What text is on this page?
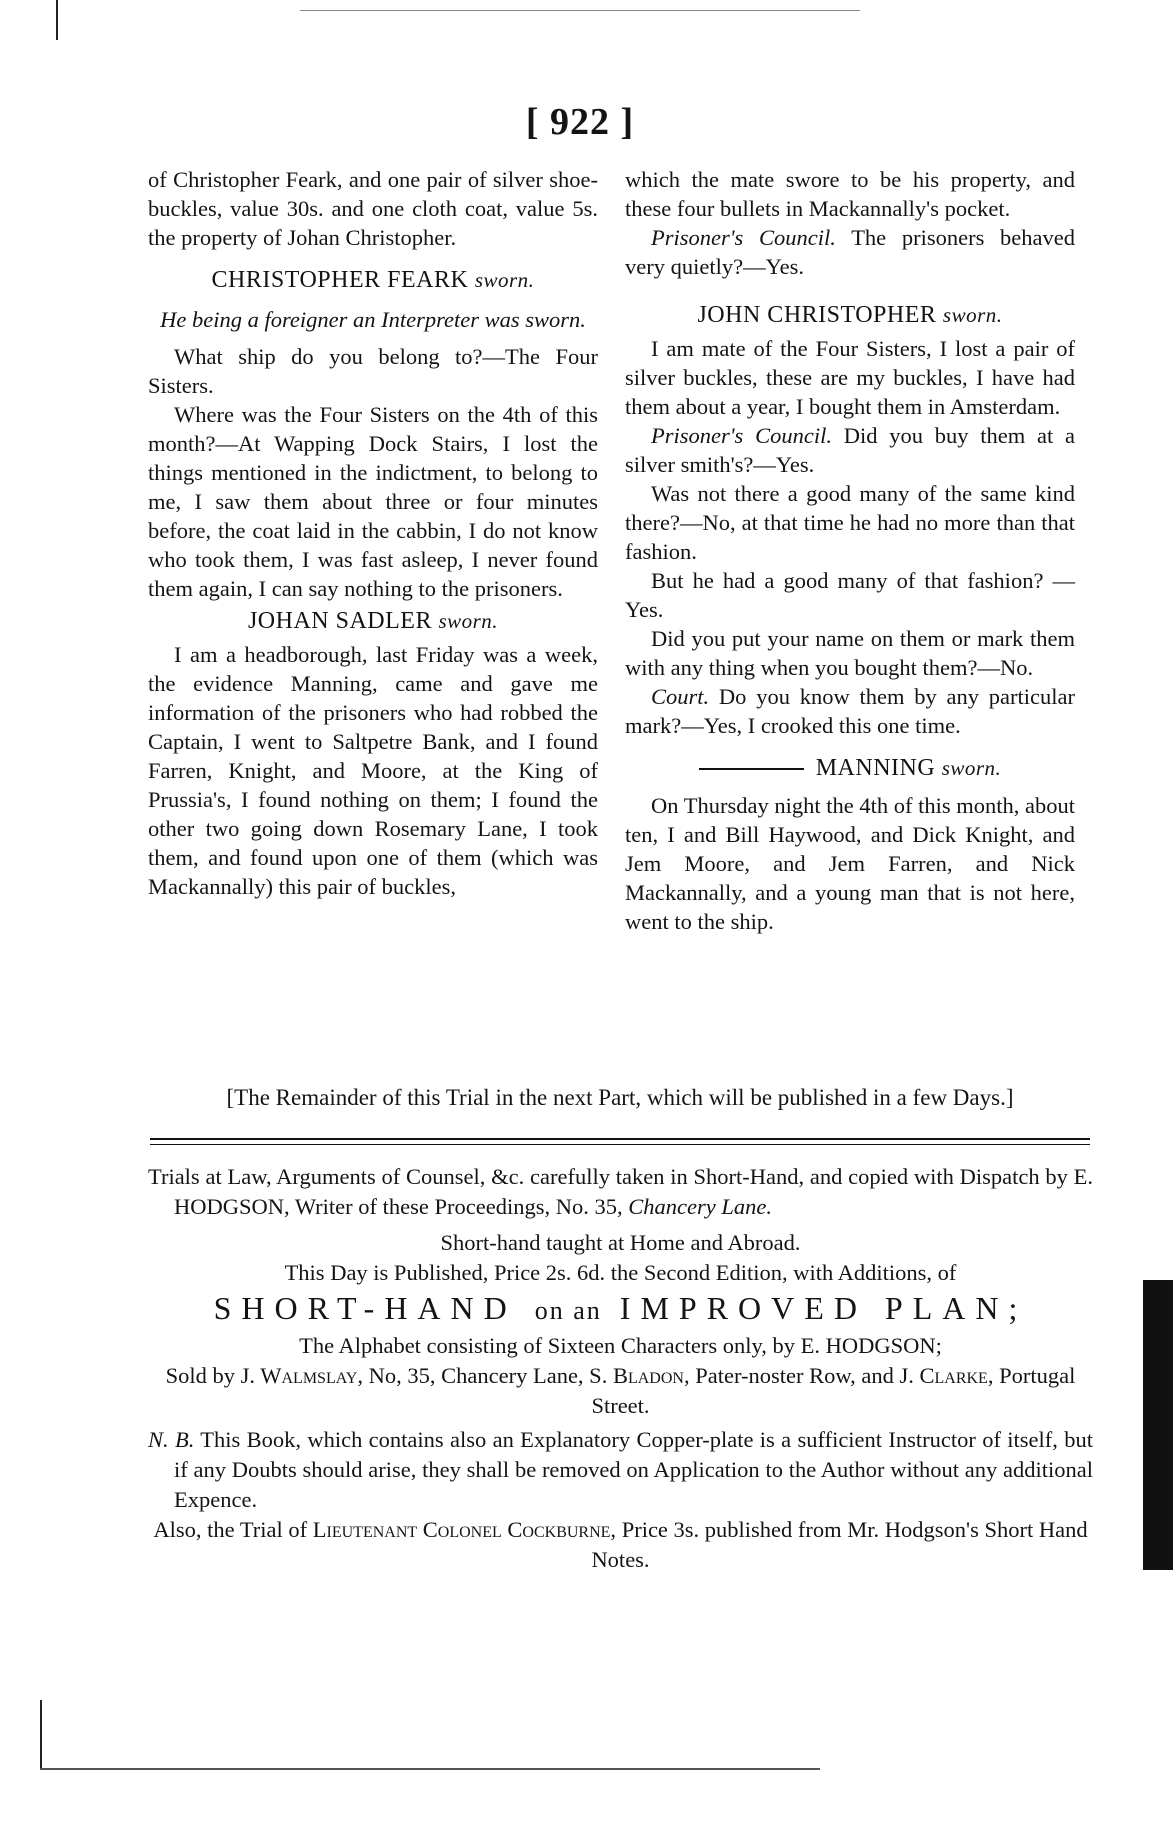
[ 922 ]

of Christopher Feark, and one pair of silver shoe-buckles, value 30s. and one cloth coat, value 5s. the property of Johan Christopher.

CHRISTOPHER FEARK sworn.

He being a foreigner an Interpreter was sworn.

What ship do you belong to?—The Four Sisters.

Where was the Four Sisters on the 4th of this month?—At Wapping Dock Stairs, I lost the things mentioned in the indictment, to belong to me, I saw them about three or four minutes before, the coat laid in the cabbin, I do not know who took them, I was fast asleep, I never found them again, I can say nothing to the prisoners.

JOHAN SADLER sworn.

I am a headborough, last Friday was a week, the evidence Manning, came and gave me information of the prisoners who had robbed the Captain, I went to Saltpetre Bank, and I found Farren, Knight, and Moore, at the King of Prussia's, I found nothing on them; I found the other two going down Rosemary Lane, I took them, and found upon one of them (which was Mackannally) this pair of buckles,

which the mate swore to be his property, and these four bullets in Mackannally's pocket.

Prisoner's Council. The prisoners behaved very quietly?—Yes.

JOHN CHRISTOPHER sworn.

I am mate of the Four Sisters, I lost a pair of silver buckles, these are my buckles, I have had them about a year, I bought them in Amsterdam.

Prisoner's Council. Did you buy them at a silver smith's?—Yes.

Was not there a good many of the same kind there?—No, at that time he had no more than that fashion.

But he had a good many of that fashion? —Yes.

Did you put your name on them or mark them with any thing when you bought them?—No.

Court. Do you know them by any particular mark?—Yes, I crooked this one time.

MANNING
sworn.

On Thursday night the 4th of this month, about ten, I and Bill Haywood, and Dick Knight, and Jem Moore, and Jem Farren, and Nick Mackannally, and a young man that is not here, went to the ship.

[The Remainder of this Trial in the next Part, which will be published in a few Days.]

Trials at Law, Arguments of Counsel, &c. carefully taken in Short-Hand, and copied with Dispatch by E. HODGSON, Writer of these Proceedings, No. 35, Chancery Lane.

Short-hand taught at Home and Abroad.

This Day is Published, Price 2s. 6d. the Second Edition, with Additions, of

SHORT-HAND on an IMPROVED PLAN;

The Alphabet consisting of Sixteen Characters only, by E. HODGSON;

Sold by J. Walmslay, No, 35, Chancery Lane, S. Bladon, Pater-noster Row, and J. Clarke, Portugal Street.

N. B. This Book, which contains also an Explanatory Copper-plate is a sufficient Instructor of itself, but if any Doubts should arise, they shall be removed on Application to the Author without any additional Expence.

Also, the Trial of Lieutenant Colonel Cockburne, Price 3s. published from Mr. Hodgson's Short Hand Notes.
